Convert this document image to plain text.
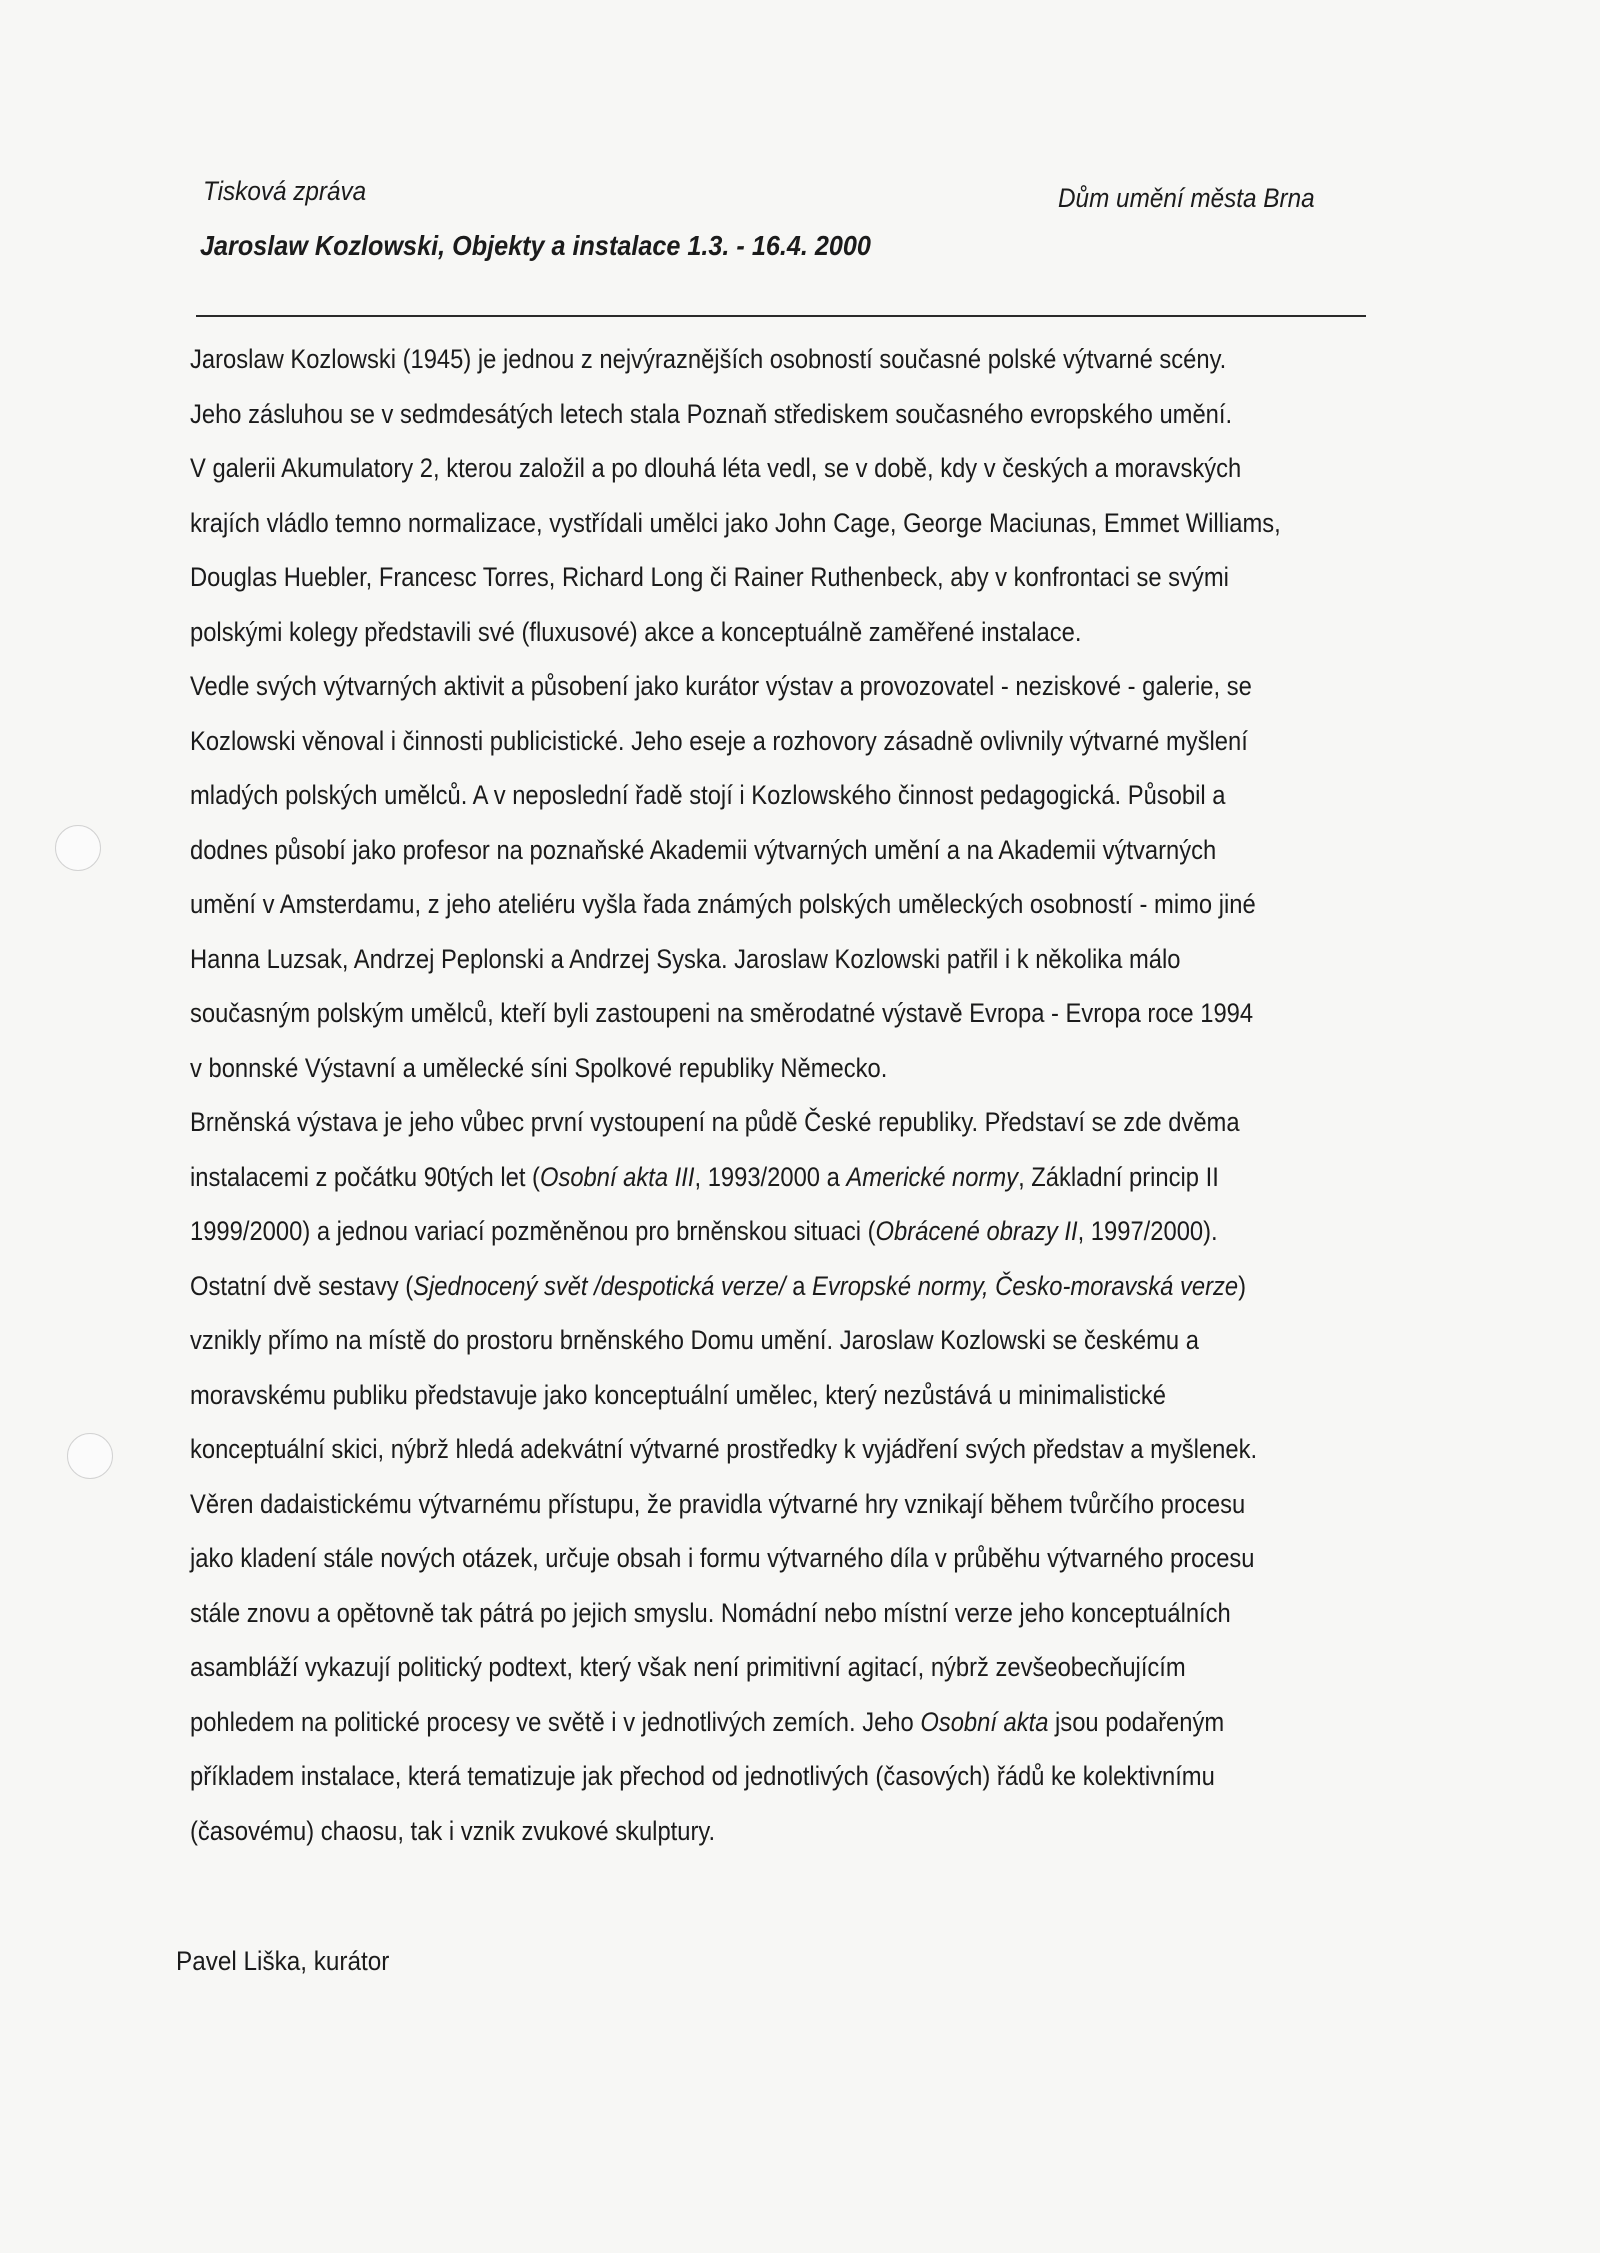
Tisková zpráva	Dům umění města Brna
Jaroslaw Kozlowski, Objekty a instalace 1.3. - 16.4. 2000
Jaroslaw Kozlowski (1945) je jednou z nejvýraznějších osobností současné polské výtvarné scény.
Jeho zásluhou se v sedmdesátých letech stala Poznaň střediskem současného evropského umění.
V galerii Akumulatory 2, kterou založil a po dlouhá léta vedl, se v době, kdy v českých a moravských
krajích vládlo temno normalizace, vystřídali umělci jako John Cage, George Maciunas, Emmet Williams,
Douglas Huebler, Francesc Torres, Richard Long či Rainer Ruthenbeck, aby v konfrontaci se svými
polskými kolegy představili své (fluxusové) akce a konceptuálně zaměřené instalace.
Vedle svých výtvarných aktivit a působení jako kurátor výstav a provozovatel - neziskové - galerie, se
Kozlowski věnoval i činnosti publicistické. Jeho eseje a rozhovory zásadně ovlivnily výtvarné myšlení
mladých polských umělců. A v neposlední řadě stojí i Kozlowského činnost pedagogická. Působil a
dodnes působí jako profesor na poznaňské Akademii výtvarných umění a na Akademii výtvarných
umění v Amsterdamu, z jeho ateliéru vyšla řada známých polských uměleckých osobností - mimo jiné
Hanna Luzsak, Andrzej Peplonski a Andrzej Syska. Jaroslaw Kozlowski patřil i k několika málo
současným polským umělců, kteří byli zastoupeni na směrodatné výstavě Evropa - Evropa roce 1994
v bonnské Výstavní a umělecké síni Spolkové republiky Německo.
Brněnská výstava je jeho vůbec první vystoupení na půdě České republiky. Představí se zde dvěma
instalacemi z počátku 90tých let (Osobní akta III, 1993/2000 a Americké normy, Základní princip II
1999/2000) a jednou variací pozměněnou pro brněnskou situaci (Obrácené obrazy II, 1997/2000).
Ostatní dvě sestavy (Sjednocený svět /despotická verze/ a Evropské normy, Česko-moravská verze)
vznikly přímo na místě do prostoru brněnského Domu umění. Jaroslaw Kozlowski se českému a
moravskému publiku představuje jako konceptuální umělec, který nezůstává u minimalistické
konceptuální skici, nýbrž hledá adekvátní výtvarné prostředky k vyjádření svých představ a myšlenek.
Věren dadaistickému výtvarnému přístupu, že pravidla výtvarné hry vznikají během tvůrčího procesu
jako kladení stále nových otázek, určuje obsah i formu výtvarného díla v průběhu výtvarného procesu
stále znovu a opětovně tak pátrá po jejich smyslu. Nomádní nebo místní verze jeho konceptuálních
asambláží vykazují politický podtext, který však není primitivní agitací, nýbrž zevšeobecňujícím
pohledem na politické procesy ve světě i v jednotlivých zemích. Jeho Osobní akta jsou podařeným
příkladem instalace, která tematizuje jak přechod od jednotlivých (časových) řádů ke kolektivnímu
(časovému) chaosu, tak i vznik zvukové skulptury.
Pavel Liška, kurátor
